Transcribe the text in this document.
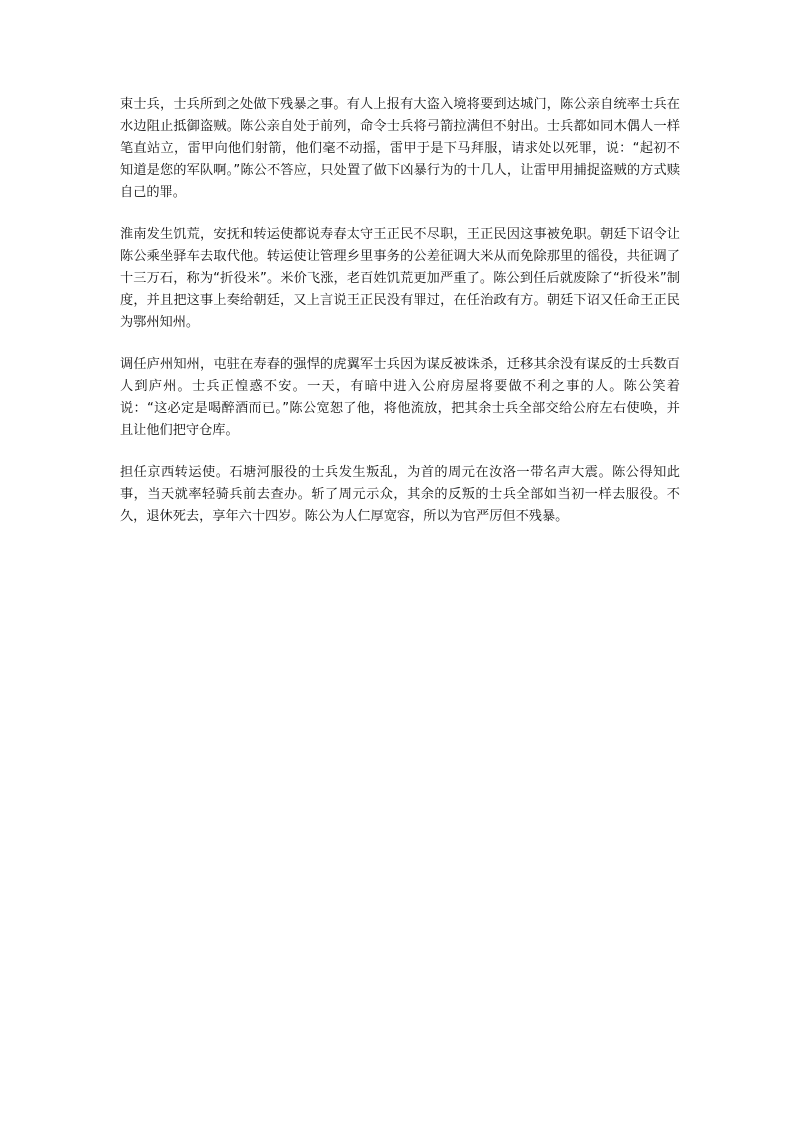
束士兵，士兵所到之处做下残暴之事。有人上报有大盗入境将要到达城门，陈公亲自统率士兵在水边阻止抵御盗贼。陈公亲自处于前列，命令士兵将弓箭拉满但不射出。士兵都如同木偶人一样笔直站立，雷甲向他们射箭，他们毫不动摇，雷甲于是下马拜服，请求处以死罪，说：“起初不知道是您的军队啊。”陈公不答应，只处置了做下凶暴行为的十几人，让雷甲用捕捉盗贼的方式赎自己的罪。

淮南发生饥荒，安抚和转运使都说寿春太守王正民不尽职，王正民因这事被免职。朝廷下诏令让陈公乘坐驿车去取代他。转运使让管理乡里事务的公差征调大米从而免除那里的徭役，共征调了十三万石，称为“折役米”。米价飞涨，老百姓饥荒更加严重了。陈公到任后就废除了“折役米”制度，并且把这事上奏给朝廷，又上言说王正民没有罪过，在任治政有方。朝廷下诏又任命王正民为鄂州知州。

调任庐州知州，屯驻在寿春的强悍的虎翼军士兵因为谋反被诛杀，迁移其余没有谋反的士兵数百人到庐州。士兵正惶惑不安。一天，有暗中进入公府房屋将要做不利之事的人。陈公笑着说：“这必定是喝醉酒而已。”陈公宽恕了他，将他流放，把其余士兵全部交给公府左右使唤，并且让他们把守仓库。

担任京西转运使。石塘河服役的士兵发生叛乱，为首的周元在汝洛一带名声大震。陈公得知此事，当天就率轻骑兵前去查办。斩了周元示众，其余的反叛的士兵全部如当初一样去服役。不久，退休死去，享年六十四岁。陈公为人仁厚宽容，所以为官严厉但不残暴。
